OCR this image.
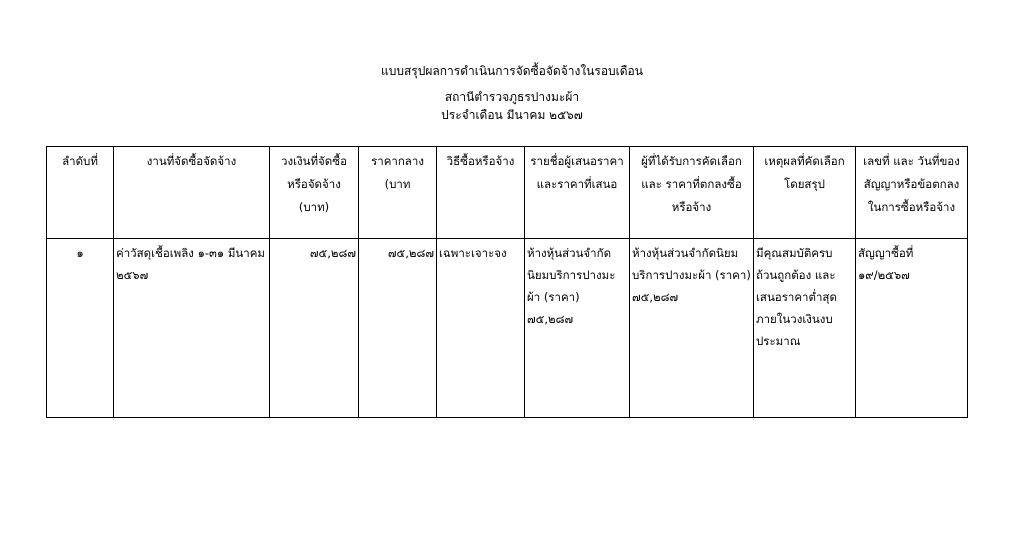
แบบสรุปผลการดำเนินการจัดซื้อจัดจ้างในรอบเดือน
สถานีตำรวจภูธรปางมะผ้า
ประจำเดือน มีนาคม ๒๕๖๗
ลำดับที่	งานที่จัดซื้อจัดจ้าง	วงเงินที่จัดซื้อหรือจัดจ้าง (บาท)	ราคากลาง (บาท	วิธีซื้อหรือจ้าง	รายชื่อผู้เสนอราคา และราคาที่เสนอ	ผู้ที่ได้รับการคัดเลือก และ ราคาที่ตกลงซื้อหรือจ้าง	เหตุผลที่คัดเลือกโดยสรุป	เลขที่ และ วันที่ของสัญญาหรือข้อตกลงในการซื้อหรือจ้าง

๑	ค่าวัสดุเชื้อเพลิง ๑-๓๑ มีนาคม ๒๕๖๗	๗๕,๒๘๗	๗๕,๒๘๗	เฉพาะเจาะจง	ห้างหุ้นส่วนจำกัดนิยมบริการปางมะผ้า (ราคา) ๗๕,๒๘๗	ห้างหุ้นส่วนจำกัดนิยมบริการปางมะผ้า (ราคา) ๗๕,๒๘๗	มีคุณสมบัติครบถ้วนถูกต้อง และ เสนอราคาต่ำสุดภายในวงเงินงบประมาณ	สัญญาซื้อที่ ๑๙/๒๕๖๗
